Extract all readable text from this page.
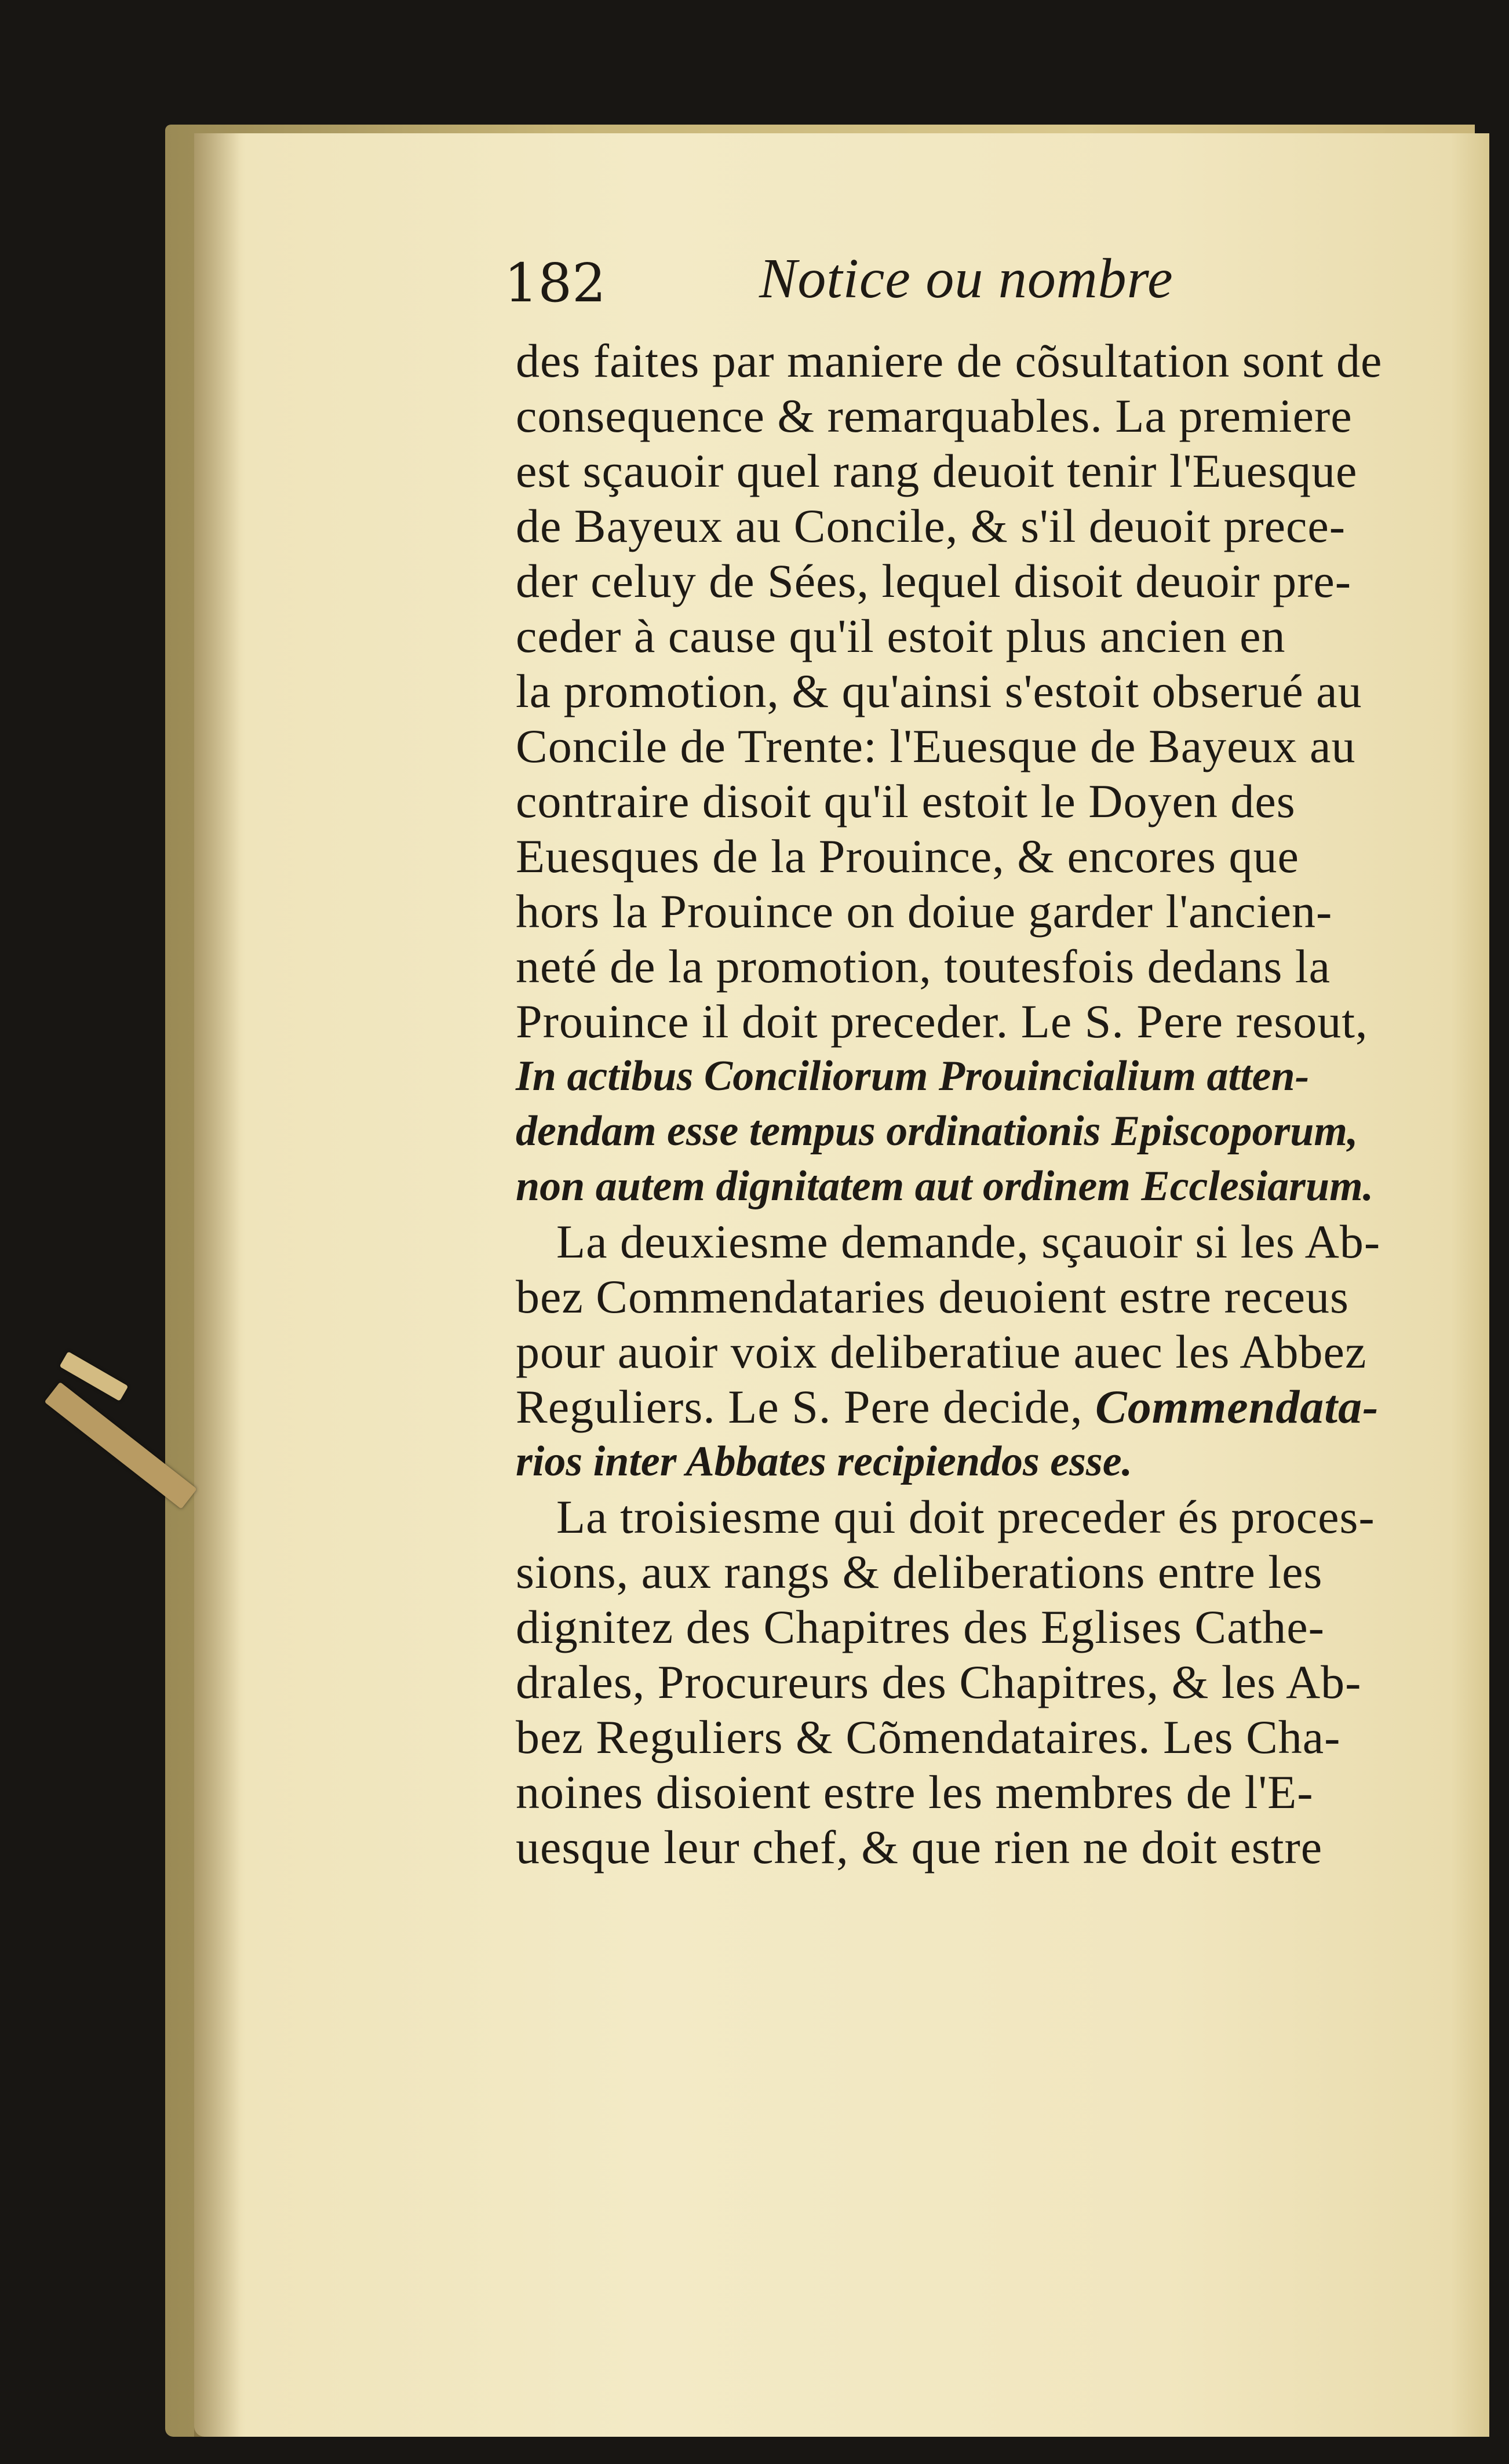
182	Notice ou nombre
des faites par maniere de cõsultation sont de
consequence & remarquables. La premiere
est sçauoir quel rang deuoit tenir l'Euesque
de Bayeux au Concile, & s'il deuoit prece-
der celuy de Sées, lequel disoit deuoir pre-
ceder à cause qu'il estoit plus ancien en
la promotion, & qu'ainsi s'estoit obserué au
Concile de Trente: l'Euesque de Bayeux au
contraire disoit qu'il estoit le Doyen des
Euesques de la Prouince, & encores que
hors la Prouince on doiue garder l'ancien-
neté de la promotion, toutesfois dedans la
Prouince il doit preceder. Le S. Pere resout,
In actibus Conciliorum Prouincialium atten-
dendam esse tempus ordinationis Episcoporum,
non autem dignitatem aut ordinem Ecclesiarum.
La deuxiesme demande, sçauoir si les Ab-
bez Commendataries deuoient estre receus
pour auoir voix deliberatiue auec les Abbez
Reguliers. Le S. Pere decide, Commendata-
rios inter Abbates recipiendos esse.
La troisiesme qui doit preceder és proces-
sions, aux rangs & deliberations entre les
dignitez des Chapitres des Eglises Cathe-
drales, Procureurs des Chapitres, & les Ab-
bez Reguliers & Cõmendataires. Les Cha-
noines disoient estre les membres de l'E-
uesque leur chef, & que rien ne doit estre
